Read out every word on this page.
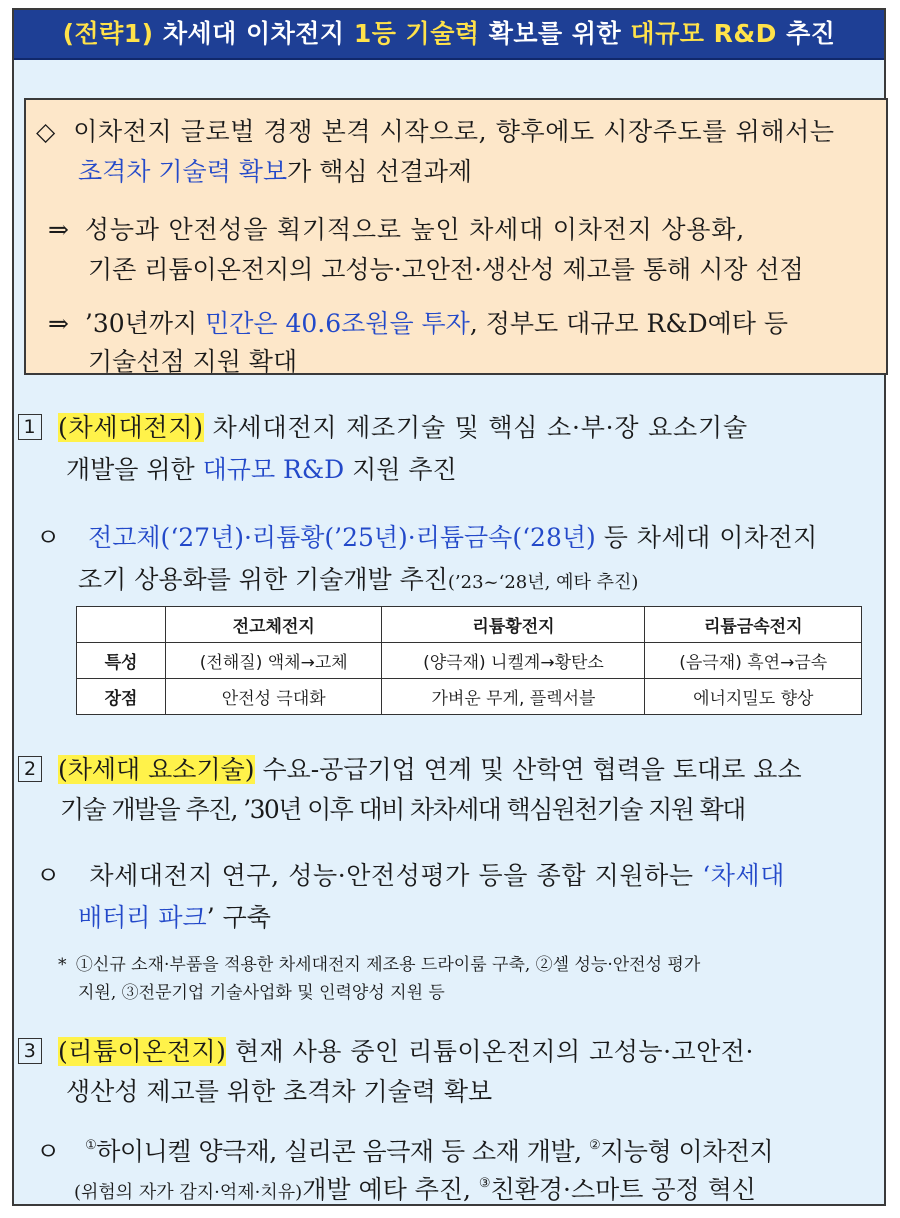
(전략1) 차세대 이차전지 1등 기술력 확보를 위한 대규모 R&D 추진
◇ 이차전지 글로벌 경쟁 본격 시작으로, 향후에도 시장주도를 위해서는
초격차 기술력 확보가 핵심 선결과제
⇒ 성능과 안전성을 획기적으로 높인 차세대 이차전지 상용화,
기존 리튬이온전지의 고성능·고안전·생산성 제고를 통해 시장 선점
⇒ ’30년까지 민간은 40.6조원을 투자, 정부도 대규모 R&D예타 등
기술선점 지원 확대
1 (차세대전지) 차세대전지 제조기술 및 핵심 소·부·장 요소기술
개발을 위한 대규모 R&D 지원 추진
ㅇ 전고체(‘27년)·리튬황(’25년)·리튬금속(‘28년) 등 차세대 이차전지
조기 상용화를 위한 기술개발 추진(’23~‘28년, 예타 추진)
	전고체전지	리튬황전지	리튬금속전지
특성	(전해질) 액체→고체	(양극재) 니켈계→황탄소	(음극재) 흑연→금속
장점	안전성 극대화	가벼운 무게, 플렉서블	에너지밀도 향상
2 (차세대 요소기술) 수요-공급기업 연계 및 산학연 협력을 토대로 요소
기술 개발을 추진, ’30년 이후 대비 차차세대 핵심원천기술 지원 확대
ㅇ 차세대전지 연구, 성능·안전성평가 등을 종합 지원하는 ‘차세대
배터리 파크’ 구축
* ①신규 소재·부품을 적용한 차세대전지 제조용 드라이룸 구축, ②셀 성능·안전성 평가
지원, ③전문기업 기술사업화 및 인력양성 지원 등
3 (리튬이온전지) 현재 사용 중인 리튬이온전지의 고성능·고안전·
생산성 제고를 위한 초격차 기술력 확보
ㅇ ①하이니켈 양극재, 실리콘 음극재 등 소재 개발, ②지능형 이차전지
(위험의 자가 감지·억제·치유)개발 예타 추진, ③친환경·스마트 공정 혁신
